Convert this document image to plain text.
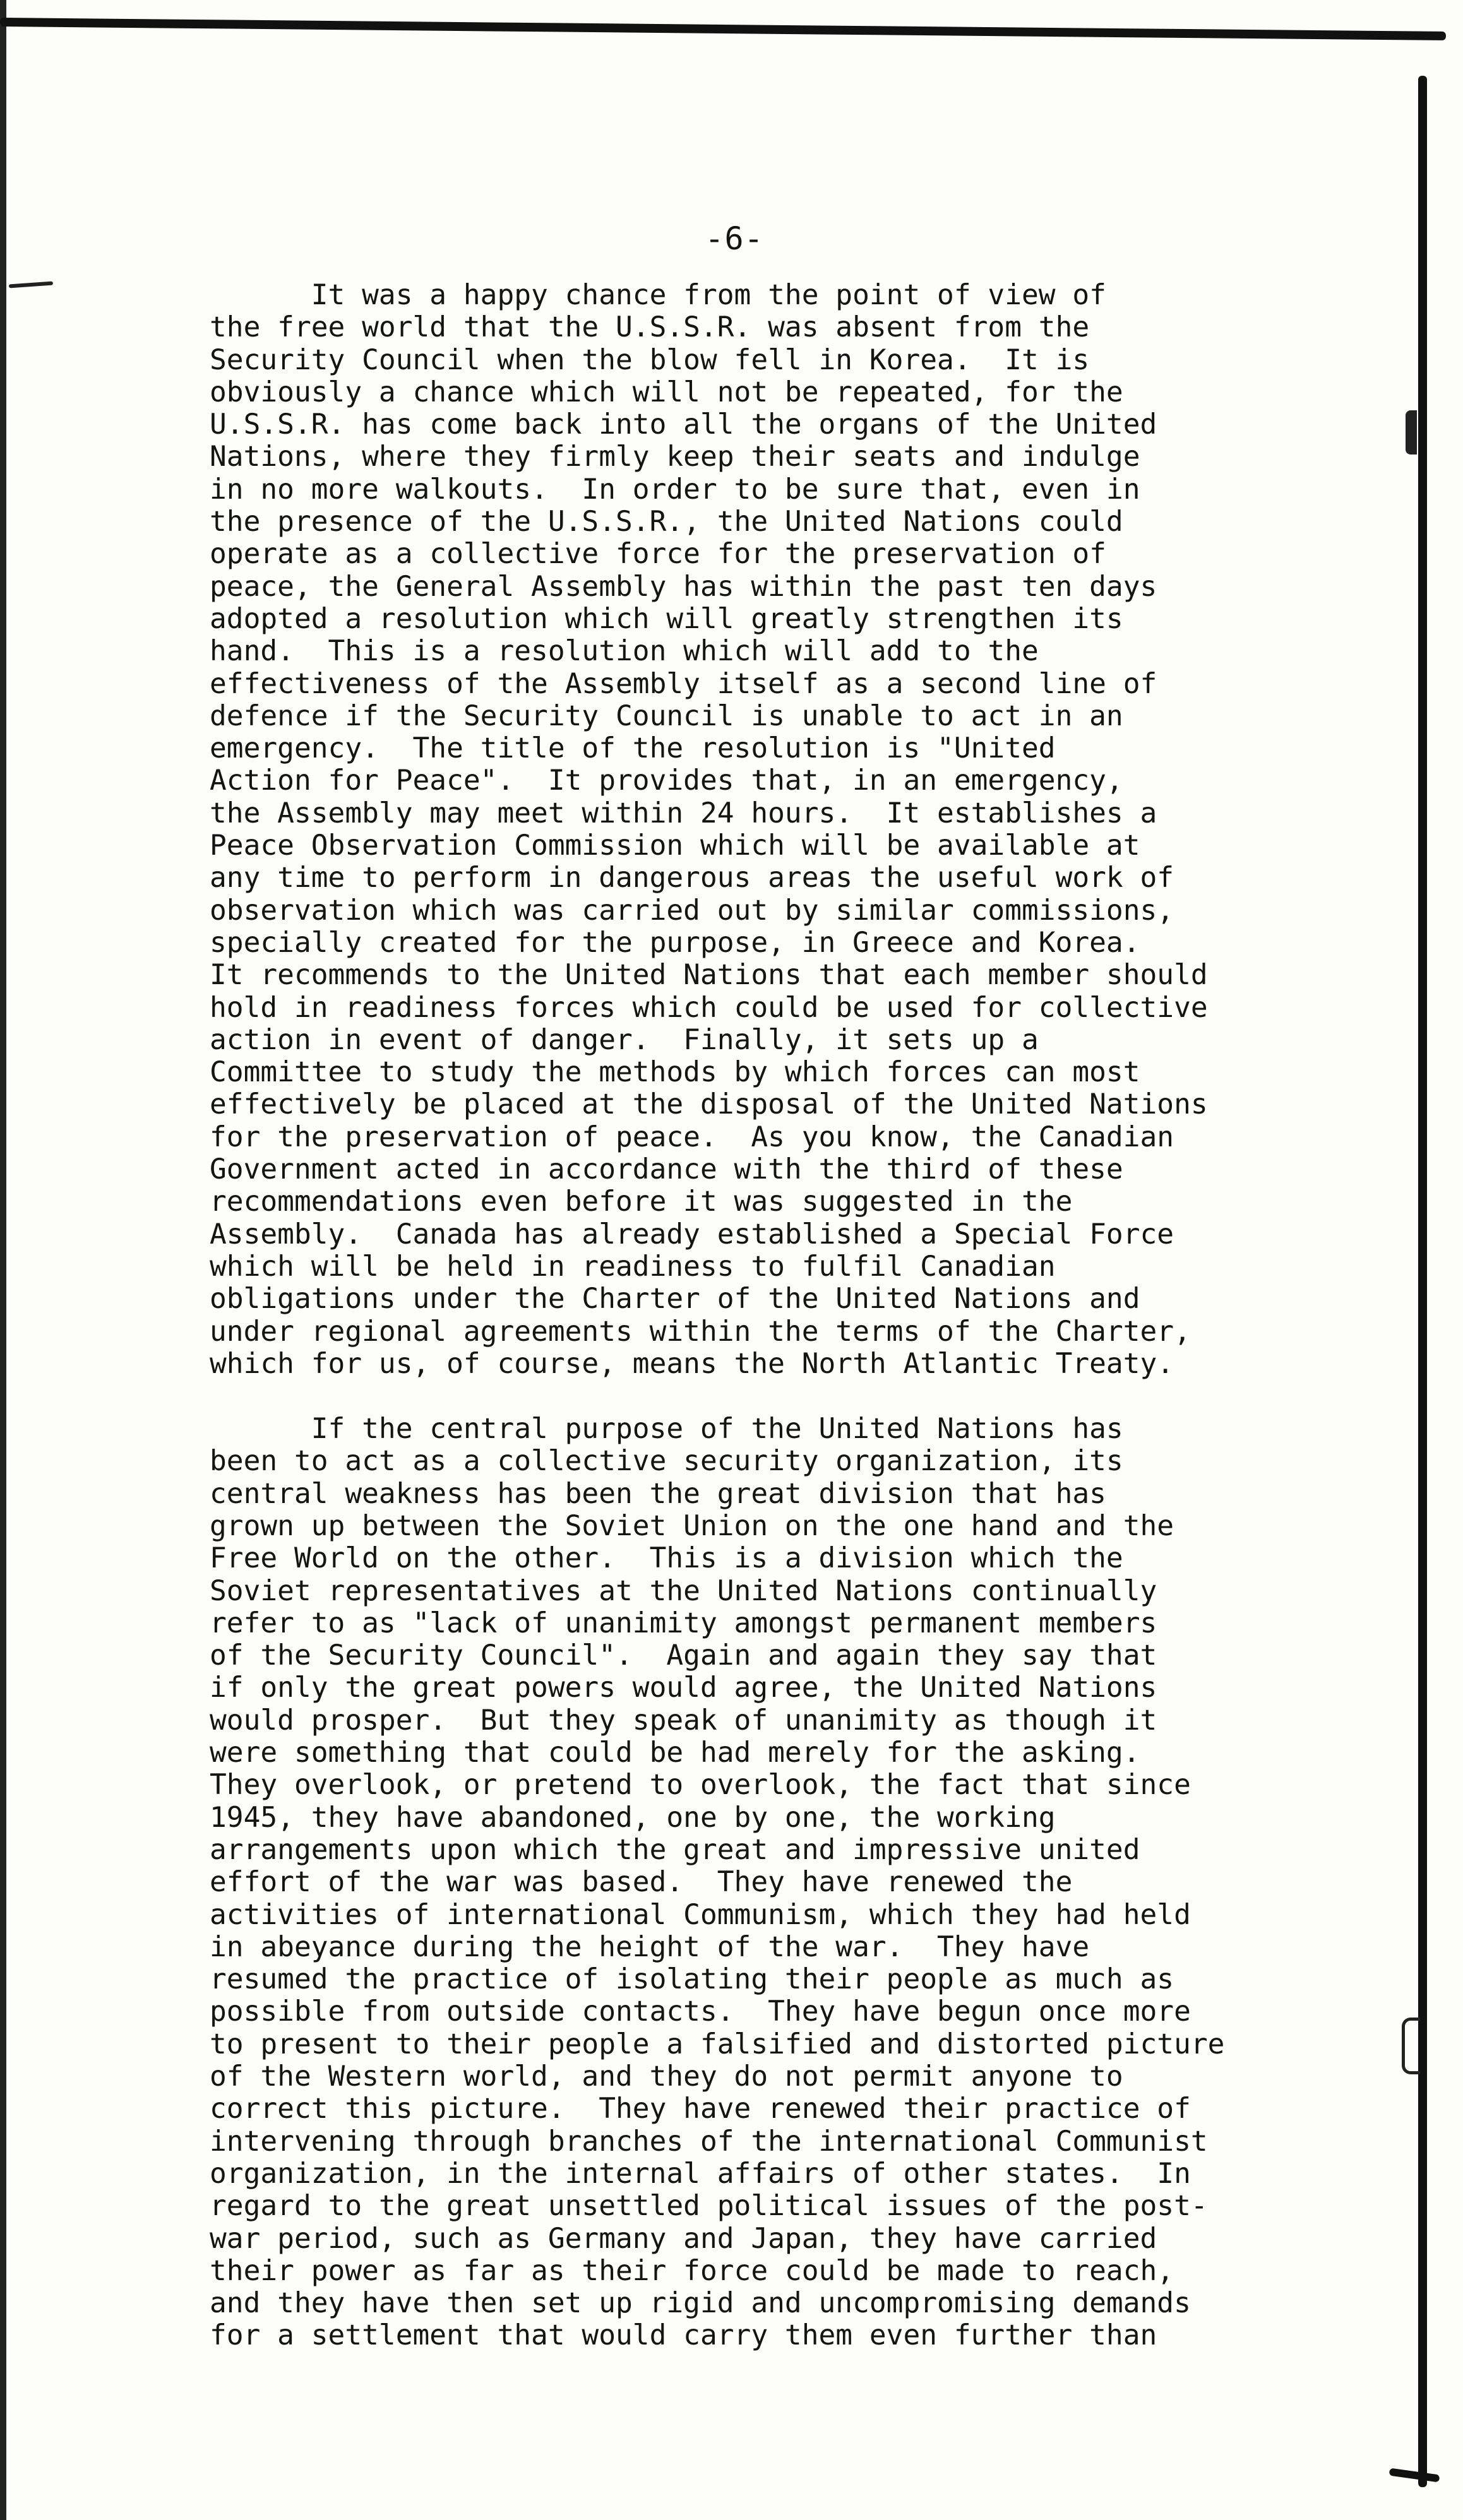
-6-
It was a happy chance from the point of view of
the free world that the U.S.S.R. was absent from the
Security Council when the blow fell in Korea.  It is
obviously a chance which will not be repeated, for the
U.S.S.R. has come back into all the organs of the United
Nations, where they firmly keep their seats and indulge
in no more walkouts.  In order to be sure that, even in
the presence of the U.S.S.R., the United Nations could
operate as a collective force for the preservation of
peace, the General Assembly has within the past ten days
adopted a resolution which will greatly strengthen its
hand.  This is a resolution which will add to the
effectiveness of the Assembly itself as a second line of
defence if the Security Council is unable to act in an
emergency.  The title of the resolution is "United
Action for Peace".  It provides that, in an emergency,
the Assembly may meet within 24 hours.  It establishes a
Peace Observation Commission which will be available at
any time to perform in dangerous areas the useful work of
observation which was carried out by similar commissions,
specially created for the purpose, in Greece and Korea.
It recommends to the United Nations that each member should
hold in readiness forces which could be used for collective
action in event of danger.  Finally, it sets up a
Committee to study the methods by which forces can most
effectively be placed at the disposal of the United Nations
for the preservation of peace.  As you know, the Canadian
Government acted in accordance with the third of these
recommendations even before it was suggested in the
Assembly.  Canada has already established a Special Force
which will be held in readiness to fulfil Canadian
obligations under the Charter of the United Nations and
under regional agreements within the terms of the Charter,
which for us, of course, means the North Atlantic Treaty.
If the central purpose of the United Nations has
been to act as a collective security organization, its
central weakness has been the great division that has
grown up between the Soviet Union on the one hand and the
Free World on the other.  This is a division which the
Soviet representatives at the United Nations continually
refer to as "lack of unanimity amongst permanent members
of the Security Council".  Again and again they say that
if only the great powers would agree, the United Nations
would prosper.  But they speak of unanimity as though it
were something that could be had merely for the asking.
They overlook, or pretend to overlook, the fact that since
1945, they have abandoned, one by one, the working
arrangements upon which the great and impressive united
effort of the war was based.  They have renewed the
activities of international Communism, which they had held
in abeyance during the height of the war.  They have
resumed the practice of isolating their people as much as
possible from outside contacts.  They have begun once more
to present to their people a falsified and distorted picture
of the Western world, and they do not permit anyone to
correct this picture.  They have renewed their practice of
intervening through branches of the international Communist
organization, in the internal affairs of other states.  In
regard to the great unsettled political issues of the post-
war period, such as Germany and Japan, they have carried
their power as far as their force could be made to reach,
and they have then set up rigid and uncompromising demands
for a settlement that would carry them even further than
